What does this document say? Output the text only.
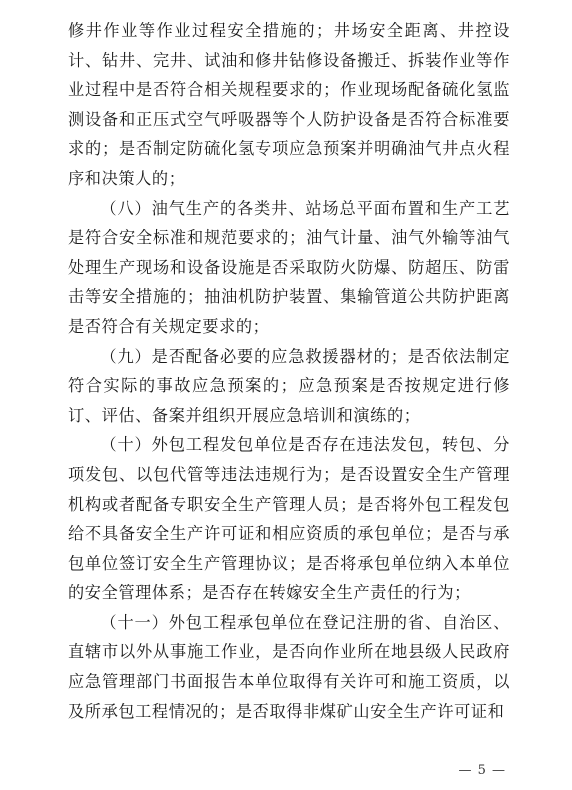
修井作业等作业过程安全措施的；井场安全距离、井控设计、钻井、完井、试油和修井钻修设备搬迁、拆装作业等作业过程中是否符合相关规程要求的；作业现场配备硫化氢监测设备和正压式空气呼吸器等个人防护设备是否符合标准要求的；是否制定防硫化氢专项应急预案并明确油气井点火程序和决策人的；

（八）油气生产的各类井、站场总平面布置和生产工艺是符合安全标准和规范要求的；油气计量、油气外输等油气处理生产现场和设备设施是否采取防火防爆、防超压、防雷击等安全措施的；抽油机防护装置、集输管道公共防护距离是否符合有关规定要求的；

（九）是否配备必要的应急救援器材的；是否依法制定符合实际的事故应急预案的；应急预案是否按规定进行修订、评估、备案并组织开展应急培训和演练的；

（十）外包工程发包单位是否存在违法发包，转包、分项发包、以包代管等违法违规行为；是否设置安全生产管理机构或者配备专职安全生产管理人员；是否将外包工程发包给不具备安全生产许可证和相应资质的承包单位；是否与承包单位签订安全生产管理协议；是否将承包单位纳入本单位的安全管理体系；是否存在转嫁安全生产责任的行为；

（十一）外包工程承包单位在登记注册的省、自治区、直辖市以外从事施工作业，是否向作业所在地县级人民政府应急管理部门书面报告本单位取得有关许可和施工资质，以及所承包工程情况的；是否取得非煤矿山安全生产许可证和

— 5 —
